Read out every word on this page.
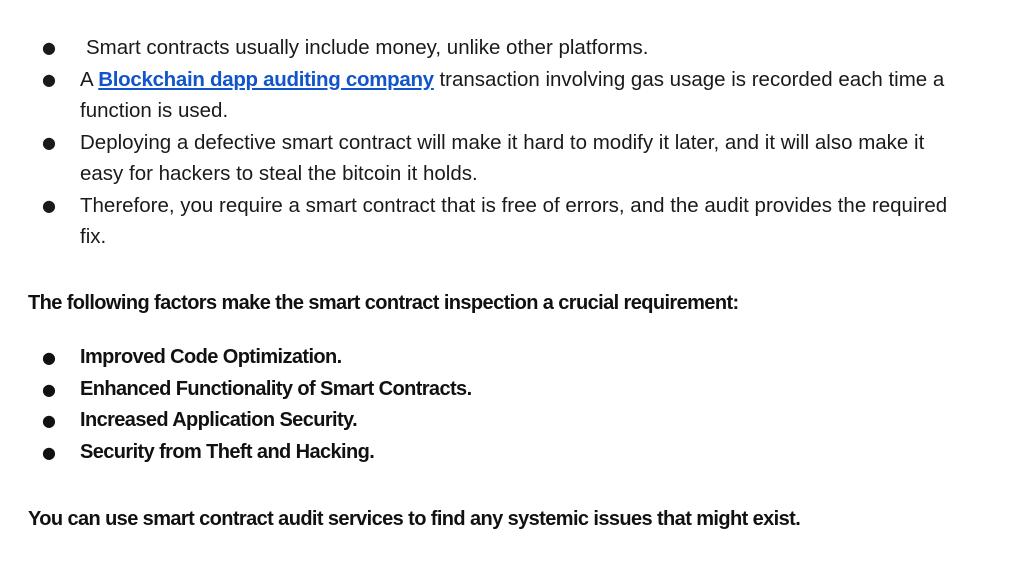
● Smart contracts usually include money, unlike other platforms.
● A Blockchain dapp auditing company transaction involving gas usage is recorded each time a function is used.
● Deploying a defective smart contract will make it hard to modify it later, and it will also make it easy for hackers to steal the bitcoin it holds.
● Therefore, you require a smart contract that is free of errors, and the audit provides the required fix.
The following factors make the smart contract inspection a crucial requirement:
● Improved Code Optimization.
● Enhanced Functionality of Smart Contracts.
● Increased Application Security.
● Security from Theft and Hacking.
You can use smart contract audit services to find any systemic issues that might exist.
